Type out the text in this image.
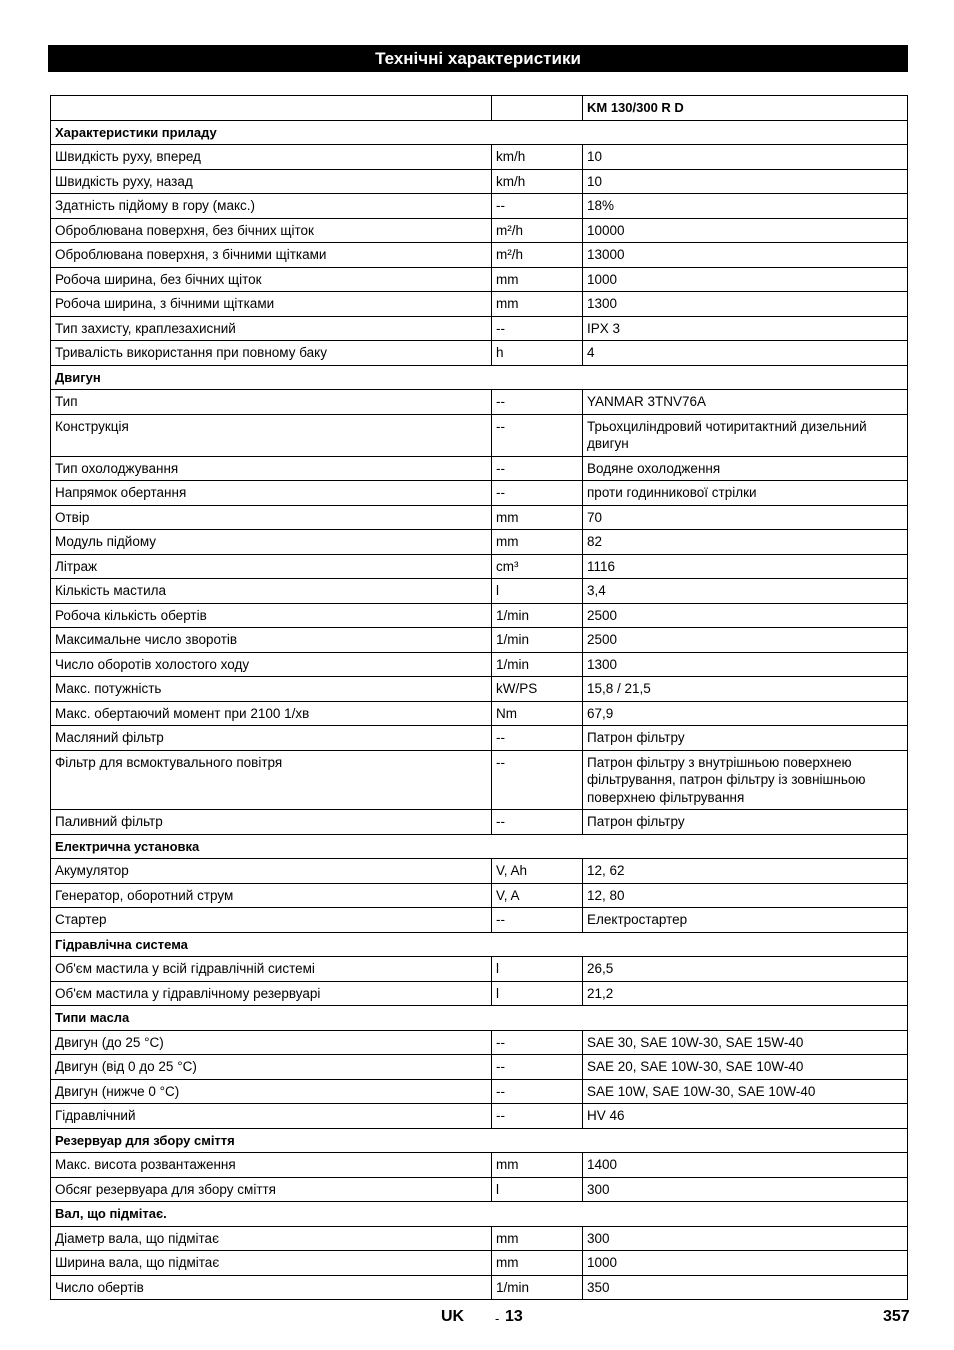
Технічні характеристики
		KM 130/300 R D
Характеристики приладу		
Швидкість руху, вперед	km/h	10
Швидкість руху, назад	km/h	10
Здатність підйому в гору (макс.)	--	18%
Оброблювана поверхня, без бічних щіток	m²/h	10000
Оброблювана поверхня, з бічними щітками	m²/h	13000
Робоча ширина, без бічних щіток	mm	1000
Робоча ширина, з бічними щітками	mm	1300
Тип захисту, краплезахисний	--	IPX 3
Тривалість використання при повному баку	h	4
Двигун		
Тип	--	YANMAR 3TNV76A
Конструкція	--	Трьохциліндровий чотиритактний дизельний двигун
Тип охолоджування	--	Водяне охолодження
Напрямок обертання	--	проти годинникової стрілки
Отвір	mm	70
Модуль підйому	mm	82
Літраж	cm³	1116
Кількість мастила	l	3,4
Робоча кількість обертів	1/min	2500
Максимальне число зворотів	1/min	2500
Число оборотів холостого ходу	1/min	1300
Макс. потужність	kW/PS	15,8 / 21,5
Макс. обертаючий момент при 2100 1/хв	Nm	67,9
Масляний фільтр	--	Патрон фільтру
Фільтр для всмоктувального повітря	--	Патрон фільтру з внутрішньою поверхнею фільтрування, патрон фільтру із зовнішньою поверхнею фільтрування
Паливний фільтр	--	Патрон фільтру
Електрична установка		
Акумулятор	V, Ah	12, 62
Генератор, оборотний струм	V, A	12, 80
Стартер	--	Електростартер
Гідравлічна система		
Об'єм мастила у всій гідравлічній системі	l	26,5
Об'єм мастила у гідравлічному резервуарі	l	21,2
Типи масла		
Двигун (до 25 °C)	--	SAE 30, SAE 10W-30, SAE 15W-40
Двигун (від 0 до 25 °C)	--	SAE 20, SAE 10W-30, SAE 10W-40
Двигун (нижче 0 °C)	--	SAE 10W, SAE 10W-30, SAE 10W-40
Гідравлічний	--	HV 46
Резервуар для збору сміття		
Макс. висота розвантаження	mm	1400
Обсяг резервуара для збору сміття	l	300
Вал, що підмітає.		
Діаметр вала, що підмітає	mm	300
Ширина вала, що підмітає	mm	1000
Число обертів	1/min	350
UK - 13	357
